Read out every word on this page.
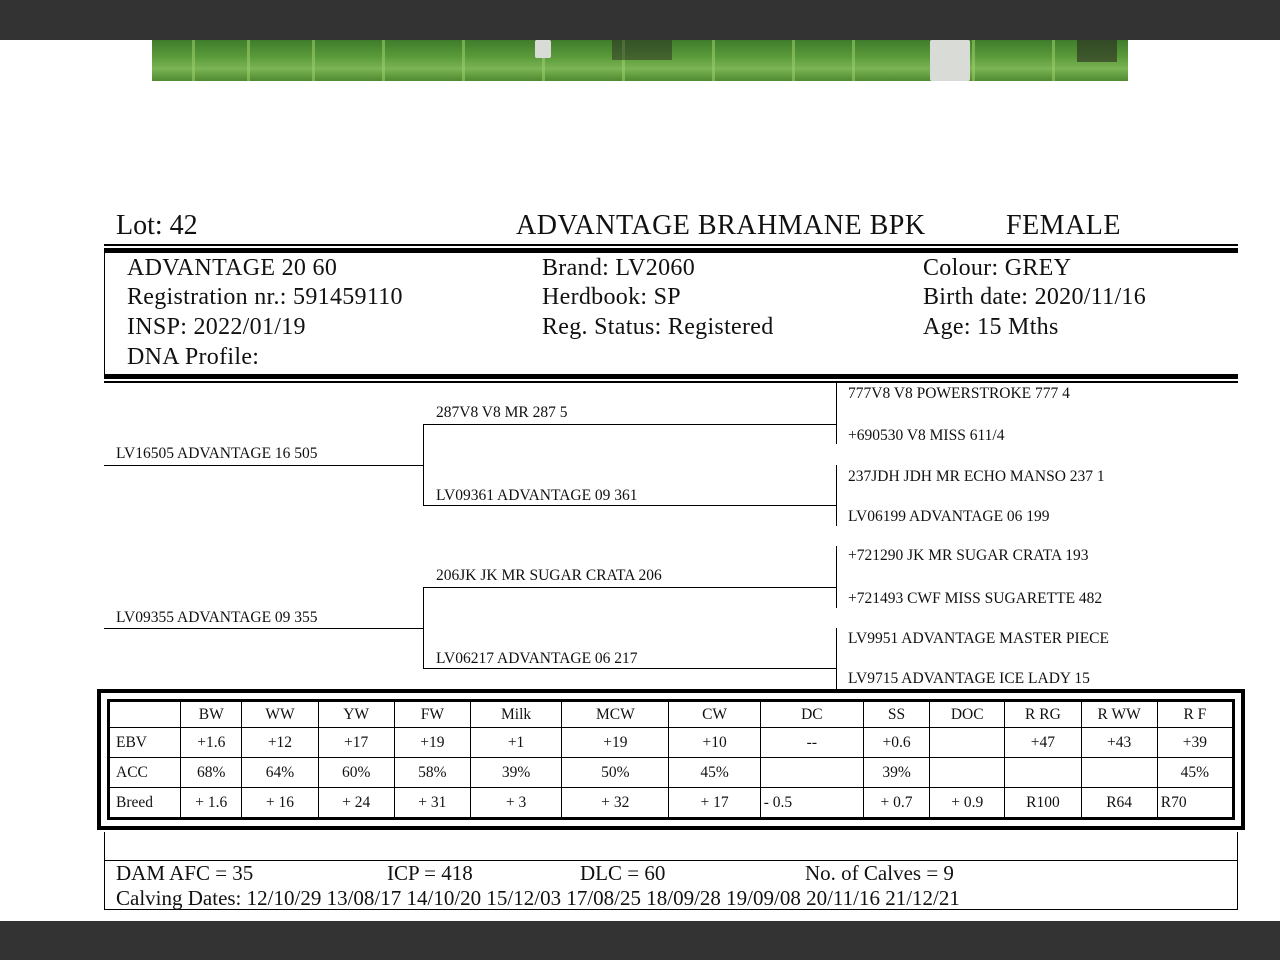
Lot: 42	ADVANTAGE BRAHMANE BPK	FEMALE
ADVANTAGE 20 60
Registration nr.: 591459110
INSP: 2022/01/19
DNA Profile:
Brand: LV2060
Herdbook: SP
Reg. Status: Registered
Colour: GREY
Birth date: 2020/11/16
Age: 15 Mths
LV16505 ADVANTAGE 16 505
287V8 V8 MR 287 5
LV09361 ADVANTAGE 09 361
777V8 V8 POWERSTROKE 777 4
+690530 V8 MISS 611/4
237JDH JDH MR ECHO MANSO 237 1
LV06199 ADVANTAGE 06 199
LV09355 ADVANTAGE 09 355
206JK JK MR SUGAR CRATA 206
LV06217 ADVANTAGE 06 217
+721290 JK MR SUGAR CRATA 193
+721493 CWF MISS SUGARETTE 482
LV9951 ADVANTAGE MASTER PIECE
LV9715 ADVANTAGE ICE LADY 15
	BW	WW	YW	FW	Milk	MCW	CW	DC	SS	DOC	R RG	R WW	R F
EBV	+1.6	+12	+17	+19	+1	+19	+10	--	+0.6		+47	+43	+39
ACC	68%	64%	60%	58%	39%	50%	45%		39%				45%
Breed	+ 1.6	+ 16	+ 24	+ 31	+ 3	+ 32	+ 17	- 0.5	+ 0.7	+ 0.9	R100	R64	R70
DAM AFC = 35	ICP = 418	DLC = 60	No. of Calves = 9
Calving Dates: 12/10/29 13/08/17 14/10/20 15/12/03 17/08/25 18/09/28 19/09/08 20/11/16 21/12/21
